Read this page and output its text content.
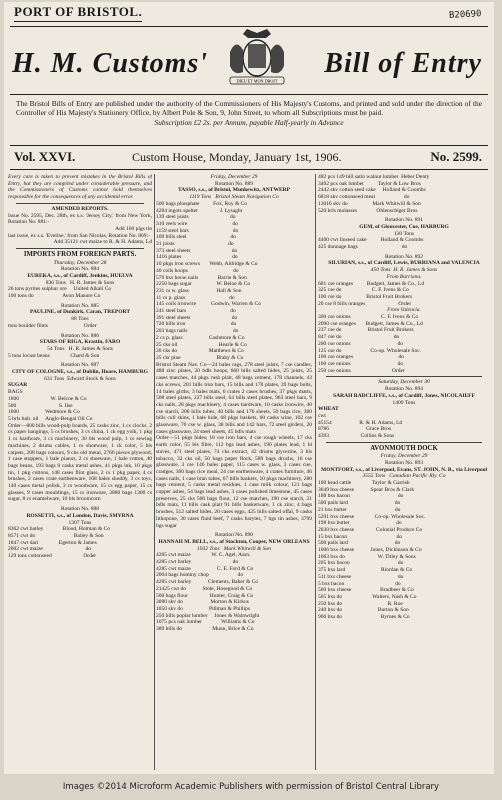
PORT OF BRISTOL.	B20690
H. M. Customs'
DIEU ET MON DROIT
Bill of Entry
The Bristol Bills of Entry are published under the authority of the Commissioners of His Majesty's Customs, and printed and sold under the direction of the Controller of His Majesty's Stationery Office, by Albert Pole & Son, 9, John Street, to whom all Subscriptions must be paid.
Subscription £2 2s. per Annum, payable Half-yearly in Advance
Vol. XXVI.	Custom House, Monday, January 1st, 1906.	No. 2599.

Every care is taken to prevent mistakes in the Bristol Bills of Entry, but they are compiled under considerable pressure, and the Commissioners of Customs cannot hold themselves responsible for the consequences of any accidental error.

AMENDED REPORTS.

Issue No. 2595, Dec. 28th, ex s.s. 'Jersey City,' from New York, Rotation No. 881:-

Add 100 pigs tin

last issue, ex s.s. 'Eveline,' from San Nicolas, Rotation No. 869:-

Add 35121 cwt maize to R. & H. Adams, Ld

IMPORTS FROM FOREIGN PARTS.

Thursday, December 28

Rotation No. 884

EUREKA, s.s., of Cardiff, Jenkins, HUELVA

836 Tons   H. R. James & Sons

26 tons pyrites sulphur ore     United Alkali Co

100 tons do                     Avon Manure Co

Rotation No. 885

PAULINE, of Dunkirk, Caran, TREPORT

88 Tons

tons boulder flints                          Order

Rotation No. 886

STARS OF RIGA, Krastin, FARO

54 Tons   H. R. James & Sons

5 tons locust beans               Chard & Son

Rotation No. 887

CITY OF COLOGNE, s.s., of Dublin, Hoare, HAMBURG

631 Tons  Edward Stock & Sons

SUGAR

BAGS

1800                       W. Belcoe & Co

500                               S. Ilse

1000                   Wedmore & Co

5 brls hub. oil     Anglo-Bengal Oil Co

Order—800 bills wood-pulp boards, 25 casks zinc, 1 cs clocks, 2 cs paper hangings, 5 cs brushes, 3 cs china, 1 ck egg yolk, 1 pkg 1 cs hardware, 3 cs machinery, 30 bls wood pulp, 1 cs sewing machines, 2 drums cables, 1 cs shoeware, 1 ck color, 5 bls carpets, 208 bags colours, 9 cks old metal, 2760 pieces plywood, 1 case stoppers, 1 bale pianos, 2 cs shoeware, 1 bale cotton, 40 bags beans, 193 bags 8 casks metal ashes, 41 pkgs ink, 10 pkgs tin, 1 pkg cottons, 148 cases flint glass, 2 cs 1 pkg paper, 4 cs brushes, 2 cases crate earthenware, 168 bales shoddy, 3 cs toys, 140 cases metal polish, 3 cs woodware, 15 cs egg paper, 15 cs glasses, 9 cases mouldings, 15 cs ironware, 3880 bags 1300 cs sugar, 8 cs enamelware, 10 bls broomcorn

Rotation No. 888

ROSSETTI, s.s., of London, Davis, SMYRNA

1307 Tons

8362 cwt barley              Blood, Holman & Co

8571 cwt do                            Bailey & Son

1847 cwt dari               Egerton & James

2002 cwt maize                               do

129 tons cottonseed                       Order

Friday, December 29

Rotation No. 889

TASSO, s.s., of Bristol, Munkewitz, ANTWERP

1119 Tons   Bristol Steam Navigation Co

500 bags phosphate          Fox, Roy & Co

4284 ingots spelter                J. Lysaght

139 steel joists                              do

310 reels wire                                 do

1159 steel bars                                do

109 bills steel                                do

31 joists                                       do

373 steel sheets                              do

1416 plates                                     do

10 pkgs iron screws       Webb, Aldridge & Co

40 coils hoops                                 do

579 bxs horse nails              Barrie & Son

2250 bags sugar                  W. Beloe & Co

231 cs w. glass                    Hall & Son

11 cs p. glass                                do

145 coils ironwire           Godwin, Warren & Co

241 steel bars                                do

391 steel sheets                              do

720 bills iron                                 do

203 bags nails                                 do

2 cs p. glass                   Cashmore & Co

25 cks oil                              Hearle & Co

20 cks do                       Matthews & Co

25 ckr pine                          Braby & Co

Bristol Steam Nav. Co—24 bales rags, 278 steel joists, 7 cse candles, 488 zinc plates, 20 bdls hoops, 660 bills salted hides, 25 joists, 25 cases matches, 44 pkgs rush plait, 48 bags cement, 178 channels, 43 cks screws, 201 bills iron bars, 15 bills and 178 plates, 39 bags bolts, 14 bales girths, 3 bales mats, 6 crates 2 cases brushes, 37 pkgs matts, 508 steel plates, 227 bills steel, 64 bills steel plates, 963 steel bars, 9 cks nails, 28 pkgs machinery, 4 cases hardware, 10 casks ironwire, 40 cse starch, 200 bills tubes, 40 bills and 176 sheets, 50 bags rice, 300 bills cull skins, 1 bale hide, 68 pkgs baskets, 60 casks wine, 102 cse glassware, 70 cse w. glass, 38 bills and 142 bars, 72 steel girders, 20 cases glassware, 24 steel sheets, 45 bdls mats

Order—51 pkgs hides, 10 cse iron bars, 4 cse rough wheels, 17 cks earth color, 55 bls fibre, 112 bgs lead ashes, 190 plates lead, 1 bl staves, 471 steel plates, 74 cks extract, 42 drums glycerine, 3 bls tobacco, 32 cks oil, 50 bags paper flock, 589 bags drochs, 16 cse glassware, 3 cse 146 bales paper, 115 cases w. glass, 3 cases cue, cradges, 300 bags rice meal, 24 cse earthenware, 4 crates furniture, 46 cases nails, 1 case bran tubes, 67 bills baskets, 10 pkgs machinery, 280 bags cement, 5 casks metal residues, 1 case milk colour, 121 bags copper ashes, 54 bags lead ashes, 3 cases polished limestone, 45 cases preserves, 25 cks 500 bags flour, 12 cse matches, 190 cse starch, 21 bdls mats, 11 bills cask plait 91 bills basketware, 1 ck zinc, 4 bags brushes, 512 salted hides, 20 cases eggs, 425 bills salted offal, 9 casks lithopone, 30 cases fluid beef, 7 casks barytes, 7 bgs tin ashes, 3799 bgs sugar

Rotation No. 890

HANNAH M. BELL, s.s., of Stockton, Cooper, NEW ORLEANS

1932 Tons   Mark Whitwill & Son

4285 cwt maize               W. C. Agel, Assn.

4285 cwt barley                              do

4285 cwt maize                   C. E. Ford & Co

2004 bags hominy chop                     do

4285 cwt barley            Clements, Baker & Co

21425 cwt do            Stote, Hosegood & Co

500 bags flour                Hunter, Craig & Co

3000 skv do                    Morton & Kirkus

1850 skv do                   Pillman & Phillips

250 bills poplar lumber     Jones & Wainwright

1075 pcs oak lumber              Williams & Co

389 bills do                      Munn, Brice & Co

482 pcs 149 bill satin walnut lumber  Heber Denty

3402 pcs oak lumber          Taylor & Low Bros

2442 skv cotton seed cake     Holland & Coombs

6818 skv cottonseed meal                     do

13016 skv do                  Mark Whitwill & Son

520 brls molasses              Ohlenschlger Bros

Rotation No. 891

GEM, of Gloucester, Coe, HARBURG

130 Tons

4400 cwt linseed cake          Holland & Coombs

425 dunnage bags                                do

Rotation No. 892

SILURIAN, s.s., of Cardiff, Lewis, BURRIANA and VALENCIA

450 Tons  H. R. James & Sons

From Burriana.

681 cse oranges          Budgett, James & Co., Ld

325 cse do                      C. F. Ivens & Co

100 cse do                  Bristol Fruit Brokers

20 cse 8 bills oranges                        Order

From Valencia.

300 cse onions                      C. F. Ivens & Co

2090 cse oranges       Budgett, James & Co., Ld

237 cse do                   Bristol Fruit Brokers

847 cse do                                      do

200 cse onions                                  do

125 cse do                     Co-op. Wholesale Soc.

100 cse oranges                                 do

100 cse onions                                  do

250 cse onions                              Order

Saturday, December 30

Rotation No. 894

SARAH RADCLIFFE, s.s., of Cardiff, Jones, NICOLAIEFF

1409 Tons

WHEAT

cwt

45154                    R. & H. Adams, Ld

8786                           Grace Bros

4393                       Collins & Sons

AVONMOUTH DOCK

Friday, December 29

Rotation No. 893

MONTFORT, s.s., of Liverpool, Evans, ST. JOHN, N. B., via Liverpool

3555 Tons   Canadian Pacific Rly. Co

100 head cattle               Taylor & Garrish

3649 bxs cheese            Spear Bros & Clark

188 bxs bacon                                   do

500 pails lard                                  do

21 bxs butter                                   do

5291 bxs cheese               Co-op. Wholesale Soc.

198 bxs butter                                  do

2030 bxs cheese                Colonial Produce Co

15 bxs bacon                                    do

500 pails lard                                  do

1006 bxs cheese            Jones, Dickinson & Co

1063 bxs do                        W. Titley & Sons

205 bxs bacon                                   do

375 bxs lard                          Riordan & Co

511 bxs cheese                                  do

5 bxs bacon                                     do

500 bxs cheese                     Bradbeer & Co

505 bxs do                      Walters, Nash & Co

250 bxs do                                 R. Roe

240 bxs do                          Burton & Son

906 bxs do                            Byrnes & Co

Images ©2014 Microform Academic Publishers with permission of Bristol Central Library
